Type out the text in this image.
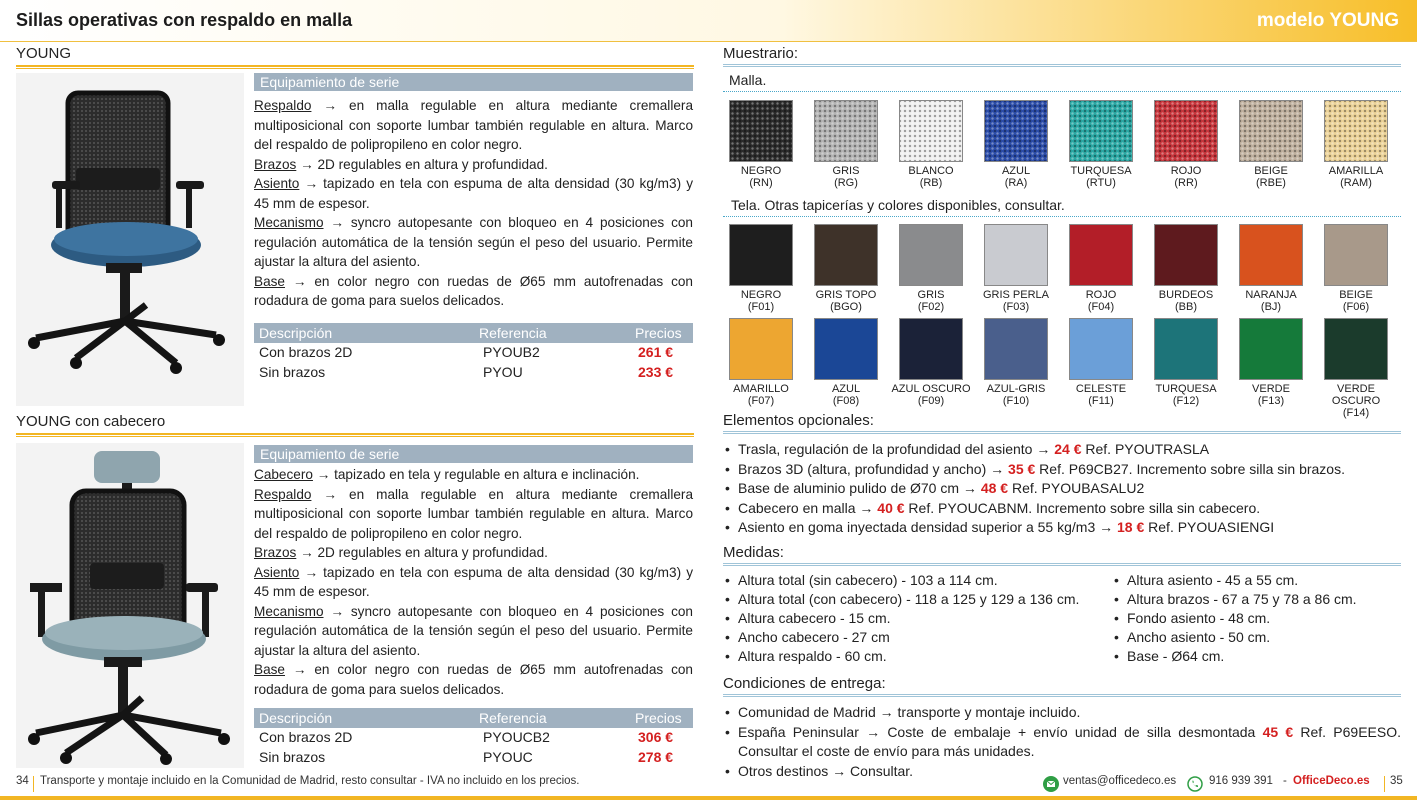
Sillas operativas con respaldo en malla	modelo YOUNG
YOUNG
Equipamiento de serie

Respaldo → en malla regulable en altura mediante cremallera multiposicional con soporte lumbar también regulable en altura. Marco del respaldo de polipropileno en color negro.

Brazos → 2D regulables en altura y profundidad.

Asiento → tapizado en tela con espuma de alta densidad (30 kg/m3) y 45 mm de espesor.

Mecanismo → syncro autopesante con bloqueo en 4 posiciones con regulación automática de la tensión según el peso del usuario. Permite ajustar la altura del asiento.

Base → en color negro con ruedas de Ø65 mm autofrenadas con rodadura de goma para suelos delicados.

Descripción	Referencia	Precios
Con brazos 2D	PYOUB2	261 €
Sin brazos	PYOU	233 €
YOUNG con cabecero
Equipamiento de serie

Cabecero → tapizado en tela y regulable en altura e inclinación.

Respaldo → en malla regulable en altura mediante cremallera multiposicional con soporte lumbar también regulable en altura. Marco del respaldo de polipropileno en color negro.

Brazos → 2D regulables en altura y profundidad.

Asiento → tapizado en tela con espuma de alta densidad (30 kg/m3) y 45 mm de espesor.

Mecanismo → syncro autopesante con bloqueo en 4 posiciones con regulación automática de la tensión según el peso del usuario. Permite ajustar la altura del asiento.

Base → en color negro con ruedas de Ø65 mm autofrenadas con rodadura de goma para suelos delicados.

Descripción	Referencia	Precios
Con brazos 2D	PYOUCB2	306 €
Sin brazos	PYOUC	278 €
Muestrario:
Malla.
NEGRO
(RN)
GRIS
(RG)
BLANCO
(RB)
AZUL
(RA)
TURQUESA
(RTU)
ROJO
(RR)
BEIGE
(RBE)
AMARILLA
(RAM)
Tela. Otras tapicerías y colores disponibles, consultar.
NEGRO
(F01)
GRIS TOPO
(BGO)
GRIS
(F02)
GRIS PERLA
(F03)
ROJO
(F04)
BURDEOS
(BB)
NARANJA
(BJ)
BEIGE
(F06)
AMARILLO
(F07)
AZUL
(F08)
AZUL OSCURO
(F09)
AZUL-GRIS
(F10)
CELESTE
(F11)
TURQUESA
(F12)
VERDE
(F13)
VERDE OSCURO
(F14)
Elementos opcionales:
• Trasla, regulación de la profundidad del asiento → 24 € Ref. PYOUTRASLA
• Brazos 3D (altura, profundidad y ancho) → 35 € Ref. P69CB27. Incremento sobre silla sin brazos.
• Base de aluminio pulido de Ø70 cm → 48 € Ref. PYOUBASALU2
• Cabecero en malla → 40 € Ref. PYOUCABNM. Incremento sobre silla sin cabecero.
• Asiento en goma inyectada densidad superior a 55 kg/m3 → 18 € Ref. PYOUASIENGI
Medidas:
• Altura total (sin cabecero) - 103 a 114 cm.
• Altura total (con cabecero) - 118 a 125 y 129 a 136 cm.
• Altura cabecero - 15 cm.
• Ancho cabecero - 27 cm
• Altura respaldo - 60 cm.
• Altura asiento - 45 a 55 cm.
• Altura brazos - 67 a 75 y 78 a 86 cm.
• Fondo asiento - 48 cm.
• Ancho asiento - 50 cm.
• Base - Ø64 cm.
Condiciones de entrega:
• Comunidad de Madrid → transporte y montaje incluido.
• España Peninsular → Coste de embalaje + envío unidad de silla desmontada 45 € Ref. P69EESO. Consultar el coste de envío para más unidades.
• Otros destinos → Consultar.
34 Transporte y montaje incluido en la Comunidad de Madrid, resto consultar - IVA no incluido en los precios.	ventas@officedeco.es	916 939 391 - OfficeDeco.es 35
